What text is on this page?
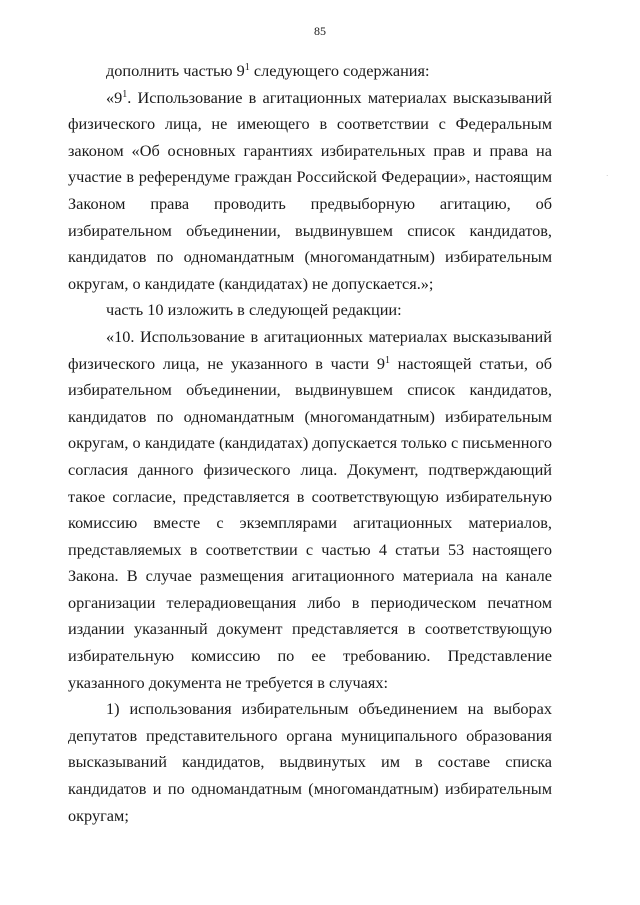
85

дополнить частью $9^1$ следующего содержания:

«$9^1$. Использование в агитационных материалах высказываний физического лица, не имеющего в соответствии с Федеральным законом «Об основных гарантиях избирательных прав и права на участие в референдуме граждан Российской Федерации», настоящим Законом права проводить предвыборную агитацию, об избирательном объединении, выдвинувшем список кандидатов, кандидатов по одномандатным (многомандатным) избирательным округам, о кандидате (кандидатах) не допускается.»;

часть 10 изложить в следующей редакции:

«10. Использование в агитационных материалах высказываний физического лица, не указанного в части $9^1$ настоящей статьи, об избирательном объединении, выдвинувшем список кандидатов, кандидатов по одномандатным (многомандатным) избирательным округам, о кандидате (кандидатах) допускается только с письменного согласия данного физического лица. Документ, подтверждающий такое согласие, представляется в соответствующую избирательную комиссию вместе с экземплярами агитационных материалов, представляемых в соответствии с частью 4 статьи 53 настоящего Закона. В случае размещения агитационного материала на канале организации телерадиовещания либо в периодическом печатном издании указанный документ представляется в соответствующую избирательную комиссию по ее требованию. Представление указанного документа не требуется в случаях:

1) использования избирательным объединением на выборах депутатов представительного органа муниципального образования высказываний кандидатов, выдвинутых им в составе списка кандидатов и по одномандатным (многомандатным) избирательным округам;

·
